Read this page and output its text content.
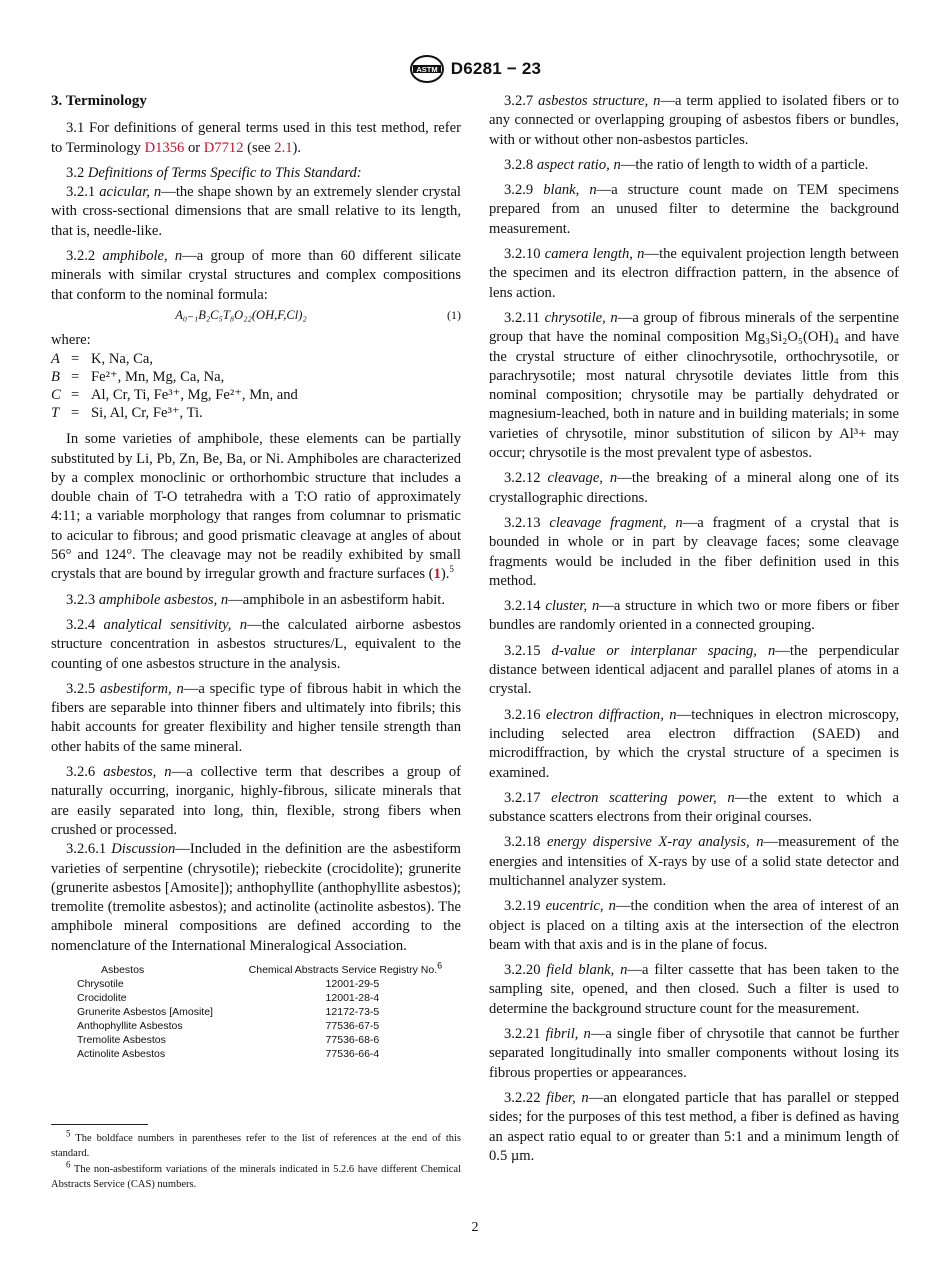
ASTM D6281 − 23
3. Terminology

3.1 For definitions of general terms used in this test method, refer to Terminology D1356 or D7712 (see 2.1).

3.2 Definitions of Terms Specific to This Standard:

3.2.1 acicular, n—the shape shown by an extremely slender crystal with cross-sectional dimensions that are small relative to its length, that is, needle-like.

3.2.2 amphibole, n—a group of more than 60 different silicate minerals with similar crystal structures and complex compositions that conform to the nominal formula:

A₀₋₁B₂C₅T₈O₂₂(OH,F,Cl)₂	(1)

where:

A = K, Na, Ca,
B = Fe²⁺, Mn, Mg, Ca, Na,
C = Al, Cr, Ti, Fe³⁺, Mg, Fe²⁺, Mn, and
T = Si, Al, Cr, Fe³⁺, Ti.

In some varieties of amphibole, these elements can be partially substituted by Li, Pb, Zn, Be, Ba, or Ni. Amphiboles are characterized by a complex monoclinic or orthorhombic structure that includes a double chain of T-O tetrahedra with a T:O ratio of approximately 4:11; a variable morphology that ranges from columnar to prismatic to acicular to fibrous; and good prismatic cleavage at angles of about 56° and 124°. The cleavage may not be readily exhibited by small crystals that are bound by irregular growth and fracture surfaces (1).$^5$

3.2.3 amphibole asbestos, n—amphibole in an asbestiform habit.

3.2.4 analytical sensitivity, n—the calculated airborne asbestos structure concentration in asbestos structures/L, equivalent to the counting of one asbestos structure in the analysis.

3.2.5 asbestiform, n—a specific type of fibrous habit in which the fibers are separable into thinner fibers and ultimately into fibrils; this habit accounts for greater flexibility and higher tensile strength than other habits of the same mineral.

3.2.6 asbestos, n—a collective term that describes a group of naturally occurring, inorganic, highly-fibrous, silicate minerals that are easily separated into long, thin, flexible, strong fibers when crushed or processed.

3.2.6.1 Discussion—Included in the definition are the asbestiform varieties of serpentine (chrysotile); riebeckite (crocidolite); grunerite (grunerite asbestos [Amosite]); anthophyllite (anthophyllite asbestos); tremolite (tremolite asbestos); and actinolite (actinolite asbestos). The amphibole mineral compositions are defined according to the nomenclature of the International Mineralogical Association.

Asbestos	Chemical Abstracts Service Registry No.$^6$
Chrysotile	12001-29-5
Crocidolite	12001-28-4
Grunerite Asbestos [Amosite]	12172-73-5
Anthophyllite Asbestos	77536-67-5
Tremolite Asbestos	77536-68-6
Actinolite Asbestos	77536-66-4

$^5$ The boldface numbers in parentheses refer to the list of references at the end of this standard.

$^6$ The non-asbestiform variations of the minerals indicated in 5.2.6 have different Chemical Abstracts Service (CAS) numbers.

3.2.7 asbestos structure, n—a term applied to isolated fibers or to any connected or overlapping grouping of asbestos fibers or bundles, with or without other non-asbestos particles.

3.2.8 aspect ratio, n—the ratio of length to width of a particle.

3.2.9 blank, n—a structure count made on TEM specimens prepared from an unused filter to determine the background measurement.

3.2.10 camera length, n—the equivalent projection length between the specimen and its electron diffraction pattern, in the absence of lens action.

3.2.11 chrysotile, n—a group of fibrous minerals of the serpentine group that have the nominal composition Mg₃Si₂O₅(OH)₄ and have the crystal structure of either clinochrysotile, orthochrysotile, or parachrysotile; most natural chrysotile deviates little from this nominal composition; chrysotile may be partially dehydrated or magnesium-leached, both in nature and in building materials; in some varieties of chrysotile, minor substitution of silicon by Al³+ may occur; chrysotile is the most prevalent type of asbestos.

3.2.12 cleavage, n—the breaking of a mineral along one of its crystallographic directions.

3.2.13 cleavage fragment, n—a fragment of a crystal that is bounded in whole or in part by cleavage faces; some cleavage fragments would be included in the fiber definition used in this method.

3.2.14 cluster, n—a structure in which two or more fibers or fiber bundles are randomly oriented in a connected grouping.

3.2.15 d-value or interplanar spacing, n—the perpendicular distance between identical adjacent and parallel planes of atoms in a crystal.

3.2.16 electron diffraction, n—techniques in electron microscopy, including selected area electron diffraction (SAED) and microdiffraction, by which the crystal structure of a specimen is examined.

3.2.17 electron scattering power, n—the extent to which a substance scatters electrons from their original courses.

3.2.18 energy dispersive X-ray analysis, n—measurement of the energies and intensities of X-rays by use of a solid state detector and multichannel analyzer system.

3.2.19 eucentric, n—the condition when the area of interest of an object is placed on a tilting axis at the intersection of the electron beam with that axis and is in the plane of focus.

3.2.20 field blank, n—a filter cassette that has been taken to the sampling site, opened, and then closed. Such a filter is used to determine the background structure count for the measurement.

3.2.21 fibril, n—a single fiber of chrysotile that cannot be further separated longitudinally into smaller components without losing its fibrous properties or appearances.

3.2.22 fiber, n—an elongated particle that has parallel or stepped sides; for the purposes of this test method, a fiber is defined as having an aspect ratio equal to or greater than 5:1 and a minimum length of 0.5 µm.

2
